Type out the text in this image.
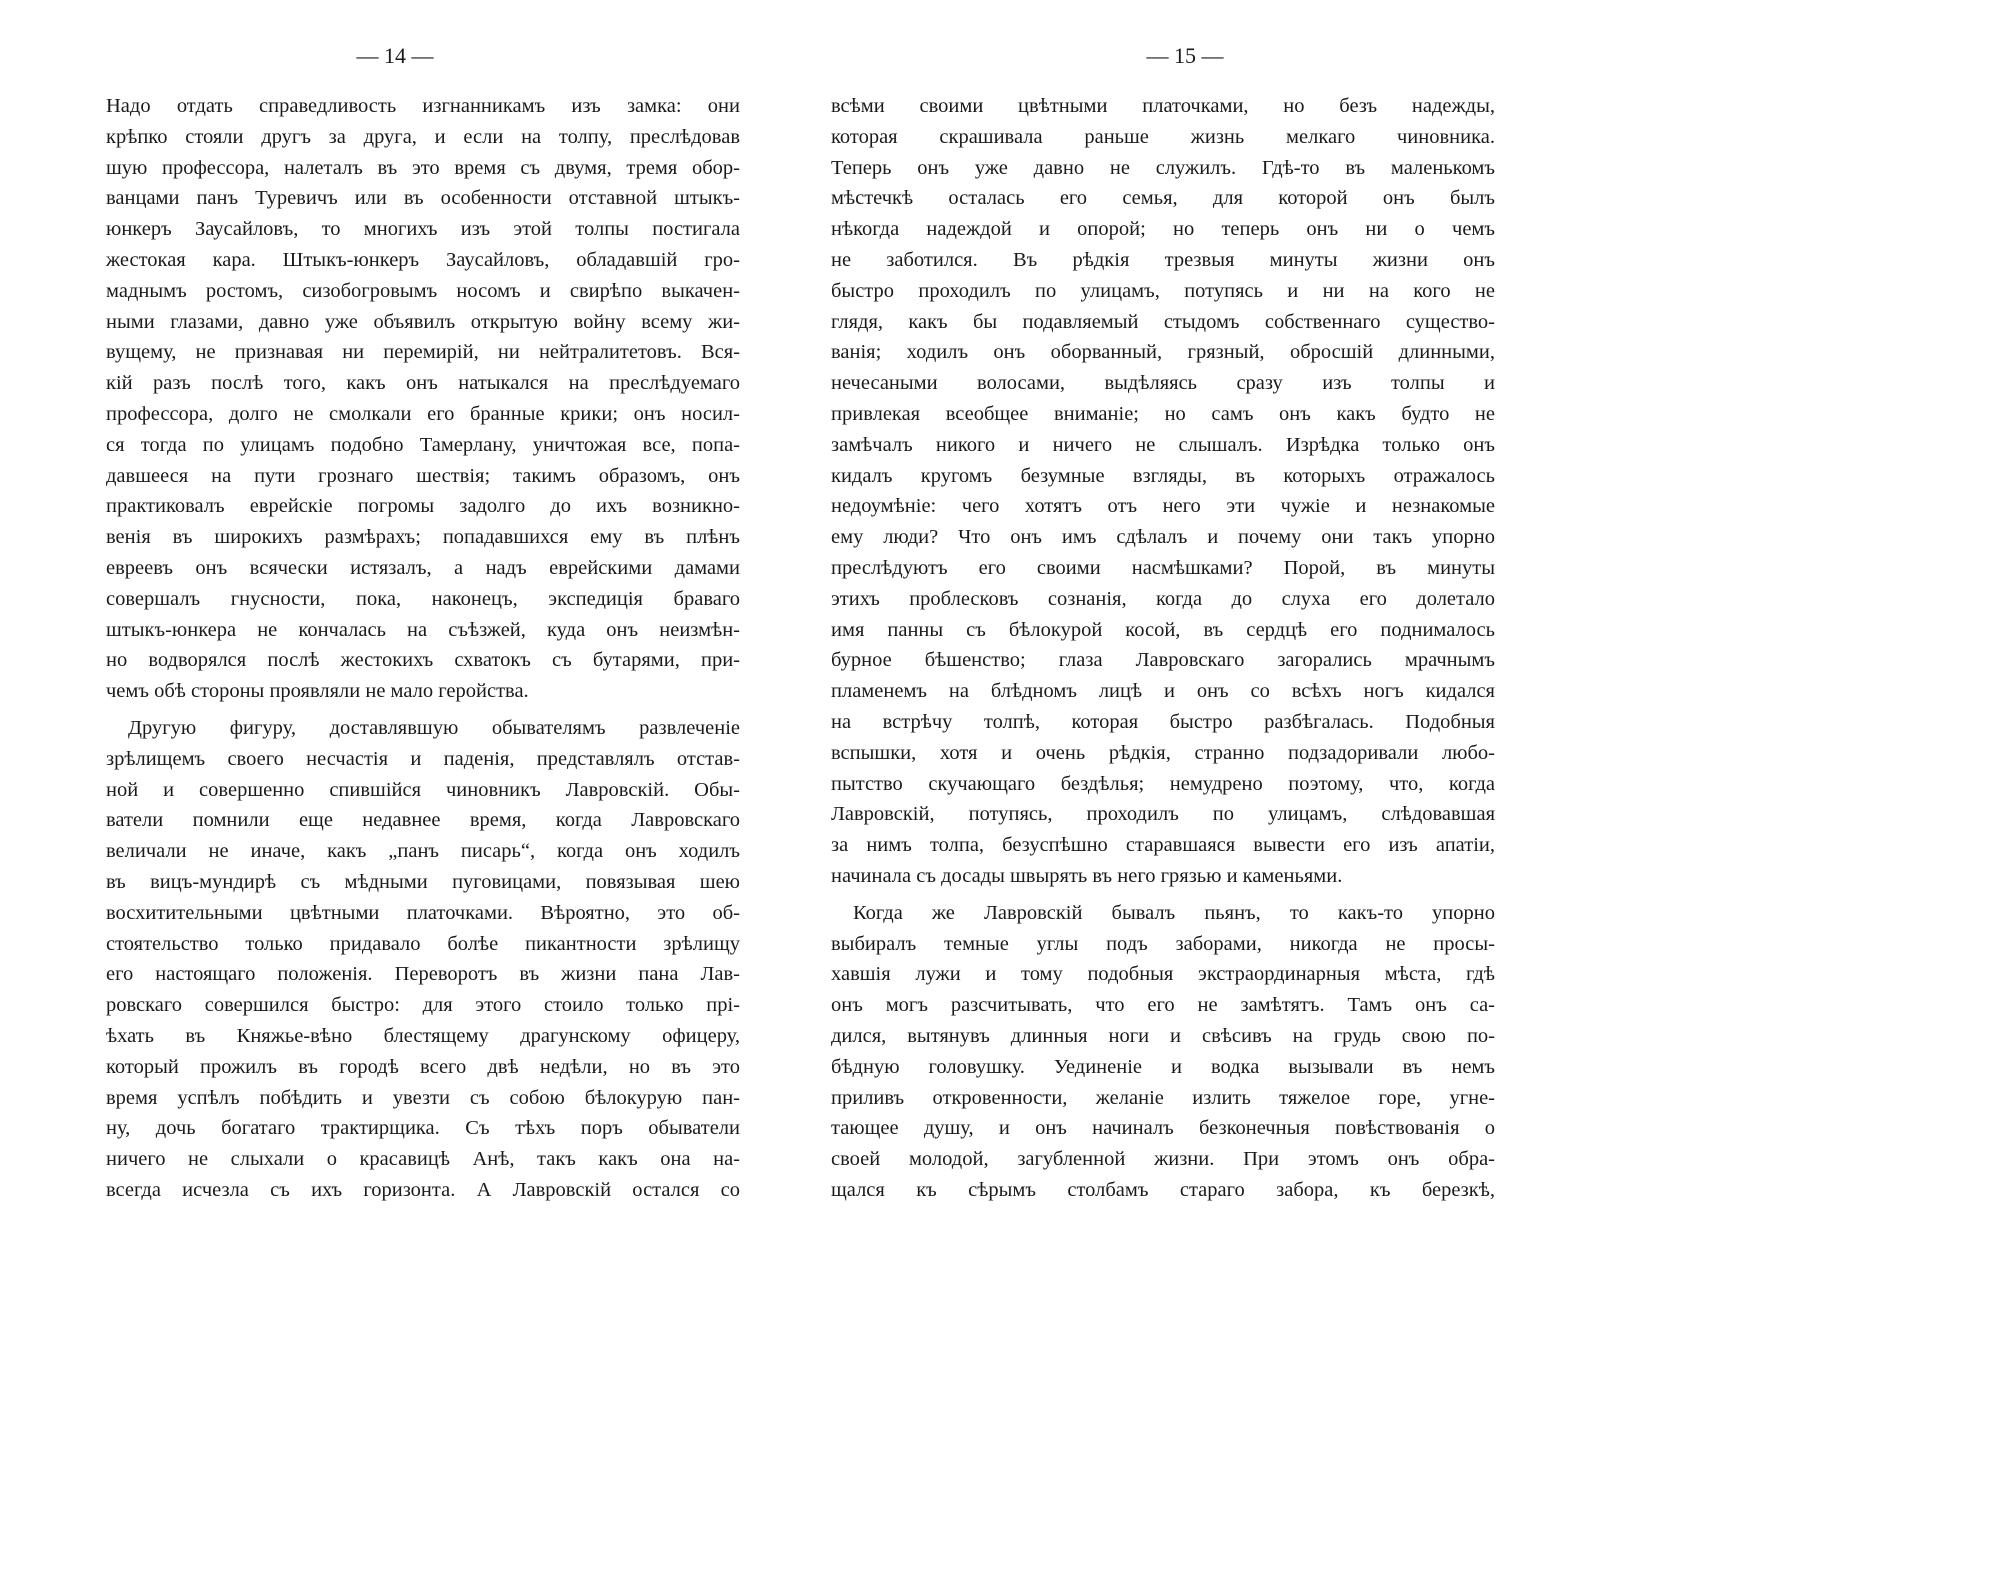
— 14 —	— 15 —
Надо отдать справедливость изгнанникамъ изъ замка: они
крѣпко стояли другъ за друга, и если на толпу, преслѣдовав
шую профессора, налеталъ въ это время съ двумя, тремя обор-
ванцами панъ Туревичъ или въ особенности отставной штыкъ-
юнкеръ Заусайловъ, то многихъ изъ этой толпы постигала
жестокая кара. Штыкъ-юнкеръ Заусайловъ, обладавшій гро-
маднымъ ростомъ, сизобогровымъ носомъ и свирѣпо выкачен-
ными глазами, давно уже объявилъ открытую войну всему жи-
вущему, не признавая ни перемирій, ни нейтралитетовъ. Вся-
кій разъ послѣ того, какъ онъ натыкался на преслѣдуемаго
профессора, долго не смолкали его бранные крики; онъ носил-
ся тогда по улицамъ подобно Тамерлану, уничтожая все, попа-
давшееся на пути грознаго шествія; такимъ образомъ, онъ
практиковалъ еврейскіе погромы задолго до ихъ возникно-
венія въ широкихъ размѣрахъ; попадавшихся ему въ плѣнъ
евреевъ онъ всячески истязалъ, а надъ еврейскими дамами
совершалъ гнусности, пока, наконецъ, экспедиція браваго
штыкъ-юнкера не кончалась на съѣзжей, куда онъ неизмѣн-
но водворялся послѣ жестокихъ схватокъ съ бутарями, при-
чемъ обѣ стороны проявляли не мало геройства.
Другую фигуру, доставлявшую обывателямъ развлеченіе
зрѣлищемъ своего несчастія и паденія, представлялъ отстав-
ной и совершенно спившійся чиновникъ Лавровскій. Обы-
ватели помнили еще недавнее время, когда Лавровскаго
величали не иначе, какъ „панъ писарь“, когда онъ ходилъ
въ вицъ-мундирѣ съ мѣдными пуговицами, повязывая шею
восхитительными цвѣтными платочками. Вѣроятно, это об-
стоятельство только придавало болѣе пикантности зрѣлищу
его настоящаго положенія. Переворотъ въ жизни пана Лав-
ровскаго совершился быстро: для этого стоило только прі-
ѣхать въ Княжье-вѣно блестящему драгунскому офицеру,
который прожилъ въ городѣ всего двѣ недѣли, но въ это
время успѣлъ побѣдить и увезти съ собою бѣлокурую пан-
ну, дочь богатаго трактирщика. Съ тѣхъ поръ обыватели
всѣми своими цвѣтными платочками, но безъ надежды,
которая скрашивала раньше жизнь мелкаго чиновника.
Теперь онъ уже давно не служилъ. Гдѣ-то въ маленькомъ
мѣстечкѣ осталась его семья, для которой онъ былъ
нѣкогда надеждой и опорой; но теперь онъ ни о чемъ
не заботился. Въ рѣдкія трезвыя минуты жизни онъ
быстро проходилъ по улицамъ, потупясь и ни на кого не
глядя, какъ бы подавляемый стыдомъ собственнаго существо-
ванія; ходилъ онъ оборванный, грязный, обросшій длинными,
нечесаными волосами, выдѣляясь сразу изъ толпы и
привлекая всеобщее вниманіе; но самъ онъ какъ будто не
замѣчалъ никого и ничего не слышалъ. Изрѣдка только онъ
кидалъ кругомъ безумные взгляды, въ которыхъ отражалось
недоумѣніе: чего хотятъ отъ него эти чужіе и незнакомые
ему люди? Что онъ имъ сдѣлалъ и почему они такъ упорно
преслѣдуютъ его своими насмѣшками? Порой, въ минуты
этихъ проблесковъ сознанія, когда до слуха его долетало
имя панны съ бѣлокурой косой, въ сердцѣ его поднималось
бурное бѣшенство; глаза Лавровскаго загорались мрачнымъ
пламенемъ на блѣдномъ лицѣ и онъ со всѣхъ ногъ кидался
на встрѣчу толпѣ, которая быстро разбѣгалась. Подобныя
вспышки, хотя и очень рѣдкія, странно подзадоривали любо-
пытство скучающаго бездѣлья; немудрено поэтому, что, когда
Лавровскій, потупясь, проходилъ по улицамъ, слѣдовавшая
за нимъ толпа, безуспѣшно старавшаяся вывести его изъ апатіи,
начинала съ досады швырять въ него грязью и каменьями.
Когда же Лавровскій бывалъ пьянъ, то какъ-то упорно
выбиралъ темные углы подъ заборами, никогда не просы-
хавшія лужи и тому подобныя экстраординарныя мѣста, гдѣ
онъ могъ разсчитывать, что его не замѣтятъ. Тамъ онъ са-
дился, вытянувъ длинныя ноги и свѣсивъ на грудь свою по-
бѣдную головушку. Уединеніе и водка вызывали въ немъ
приливъ откровенности, желаніе излить тяжелое горе, угне-
тающее душу, и онъ начиналъ безконечныя повѣствованія о
ничего не слыхали о красавицѣ Анѣ, такъ какъ она на-
всегда исчезла съ ихъ горизонта. А Лавровскій остался со
своей молодой, загубленной жизни. При этомъ онъ обра-
щался къ сѣрымъ столбамъ стараго забора, къ березкѣ,
